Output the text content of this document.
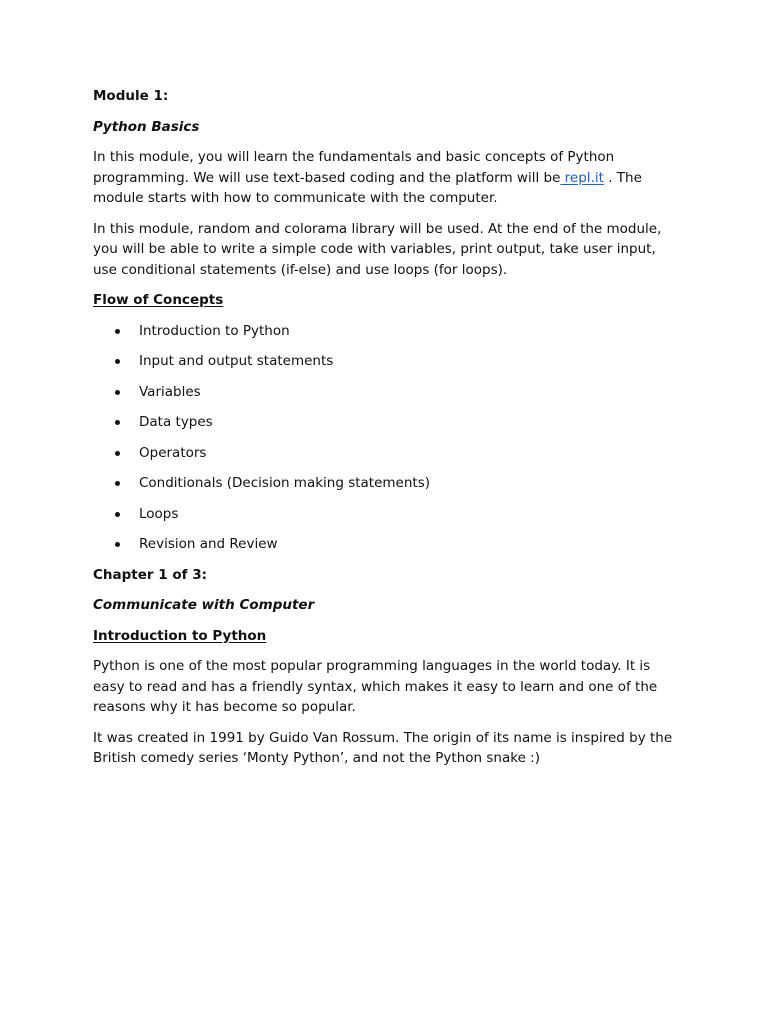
Module 1:

Python Basics

In this module, you will learn the fundamentals and basic concepts of Python programming. We will use text-based coding and the platform will be repl.it . The module starts with how to communicate with the computer.

In this module, random and colorama library will be used. At the end of the module, you will be able to write a simple code with variables, print output, take user input, use conditional statements (if-else) and use loops (for loops).

Flow of Concepts

Introduction to Python
Input and output statements
Variables
Data types
Operators
Conditionals (Decision making statements)
Loops
Revision and Review

Chapter 1 of 3:

Communicate with Computer

Introduction to Python

Python is one of the most popular programming languages in the world today. It is easy to read and has a friendly syntax, which makes it easy to learn and one of the reasons why it has become so popular.

It was created in 1991 by Guido Van Rossum. The origin of its name is inspired by the British comedy series ‘Monty Python’, and not the Python snake :)
